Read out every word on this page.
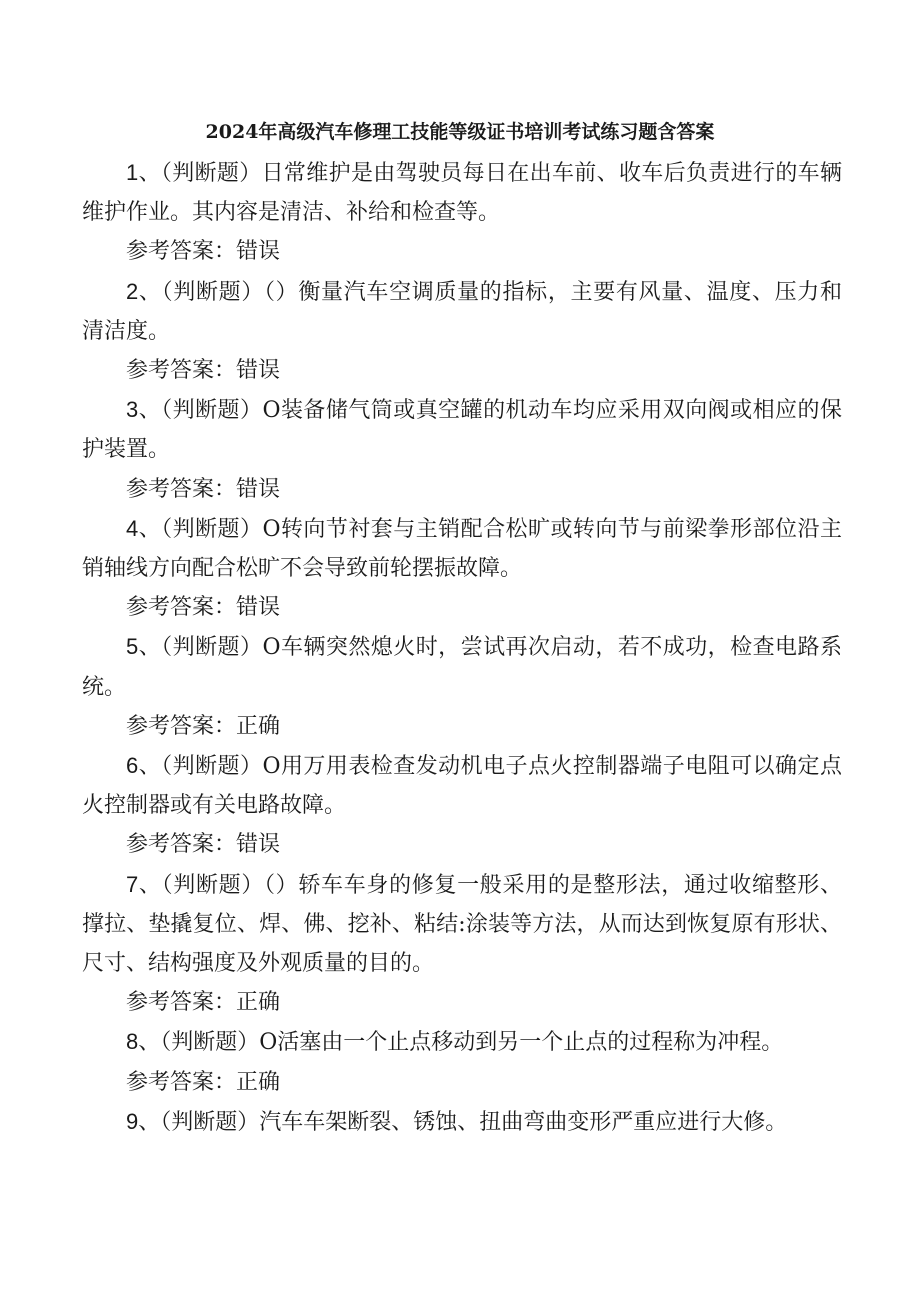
2024年高级汽车修理工技能等级证书培训考试练习题含答案

1、（判断题）日常维护是由驾驶员每日在出车前、收车后负责进行的车辆维护作业。其内容是清洁、补给和检查等。

参考答案：错误

2、（判断题）（）衡量汽车空调质量的指标，主要有风量、温度、压力和清洁度。

参考答案：错误

3、（判断题）O装备储气筒或真空罐的机动车均应采用双向阀或相应的保护装置。

参考答案：错误

4、（判断题）O转向节衬套与主销配合松旷或转向节与前梁拳形部位沿主销轴线方向配合松旷不会导致前轮摆振故障。

参考答案：错误

5、（判断题）O车辆突然熄火时，尝试再次启动，若不成功，检查电路系统。

参考答案：正确

6、（判断题）O用万用表检查发动机电子点火控制器端子电阻可以确定点火控制器或有关电路故障。

参考答案：错误

7、（判断题）（）轿车车身的修复一般采用的是整形法，通过收缩整形、撑拉、垫撬复位、焊、佛、挖补、粘结:涂装等方法，从而达到恢复原有形状、尺寸、结构强度及外观质量的目的。

参考答案：正确

8、（判断题）O活塞由一个止点移动到另一个止点的过程称为冲程。

参考答案：正确

9、（判断题）汽车车架断裂、锈蚀、扭曲弯曲变形严重应进行大修。
